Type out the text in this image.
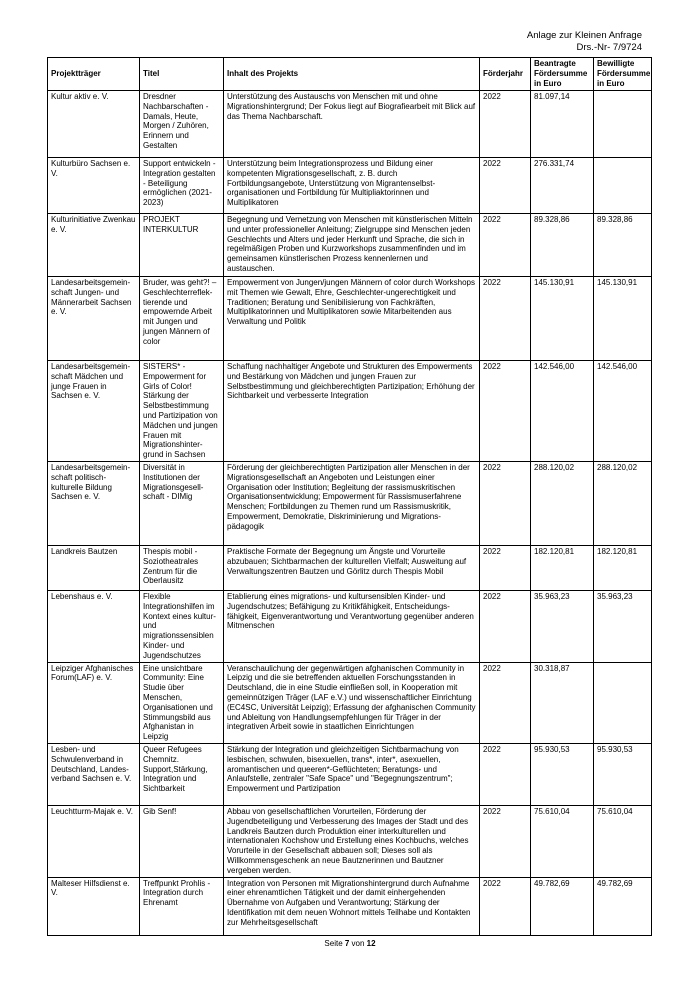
Anlage zur Kleinen Anfrage
Drs.-Nr- 7/9724
Projektträger	Titel	Inhalt des Projekts	Förderjahr	Beantragte Fördersumme in Euro	Bewilligte Fördersumme in Euro
Kultur aktiv e. V.	Dresdner Nachbarschaften - Damals, Heute, Morgen / Zuhören, Erinnern und Gestalten	Unterstützung des Austauschs von Menschen mit und ohne Migrationshintergrund; Der Fokus liegt auf Biografiearbeit mit Blick auf das Thema Nachbarschaft.	2022	81.097,14	
Kulturbüro Sachsen e. V.	Support entwickeln - Integration gestalten - Beteiligung ermöglichen (2021-2023)	Unterstützung beim Integrationsprozess und Bildung einer kompetenten Migrationsgesellschaft, z. B. durch Fortbildungsangebote, Unterstützung von Migrantenselbst-organisationen und Fortbildung für Multipliaktorinnen und Multiplikatoren	2022	276.331,74	
Kulturinitiative Zwenkau e. V.	PROJEKT INTERKULTUR	Begegnung und Vernetzung von Menschen mit künstlerischen Mitteln und unter professioneller Anleitung; Zielgruppe sind Menschen jeden Geschlechts und Alters und jeder Herkunft und Sprache, die sich in regelmäßigen Proben und Kurzworkshops zusammenfinden und im gemeinsamen künstlerischen Prozess kennenlernen und austauschen.	2022	89.328,86	89.328,86
Landesarbeitsgemein-schaft Jungen- und Männerarbeit Sachsen e. V.	Bruder, was geht?! – Geschlechterreflek-tierende und empowernde Arbeit mit Jungen und jungen Männern of color	Empowerment von Jungen/jungen Männern of color durch Workshops mit Themen wie Gewalt, Ehre, Geschlechter-ungerechtigkeit und Traditionen; Beratung und Senibilisierung von Fachkräften, Multiplikatorinnen und Multiplikatoren sowie Mitarbeitenden aus Verwaltung und Politik	2022	145.130,91	145.130,91
Landesarbeitsgemein-schaft Mädchen und junge Frauen in Sachsen e. V.	SISTERS* - Empowerment for Girls of Color! Stärkung der Selbstbestimmung und Partizipation von Mädchen und jungen Frauen mit Migrationshinter-grund in Sachsen	Schaffung nachhaltiger Angebote und Strukturen des Empowerments und Bestärkung von Mädchen und jungen Frauen zur Selbstbestimmung und gleichberechtigten Partizipation; Erhöhung der Sichtbarkeit und verbesserte Integration	2022	142.546,00	142.546,00
Landesarbeitsgemein-schaft politisch-kulturelle Bildung Sachsen e. V.	Diversität in Institutionen der Migrationsgesell-schaft - DIMig	Förderung der gleichberechtigten Partizipation aller Menschen in der Migrationsgesellschaft an Angeboten und Leistungen einer Organisation oder Institution; Begleitung der rassismuskritischen Organisationsentwicklung; Empowerment für Rassismuserfahrene Menschen; Fortbildungen zu Themen rund um Rassismuskritik, Empowerment, Demokratie, Diskriminierung und Migrations-pädagogik	2022	288.120,02	288.120,02
Landkreis Bautzen	Thespis mobil - Soziotheatrales Zentrum für die Oberlausitz	Praktische Formate der Begegnung um Ängste und Vorurteile abzubauen; Sichtbarmachen der kulturellen Vielfalt; Ausweitung auf Verwaltungszentren Bautzen und Görlitz durch Thespis Mobil	2022	182.120,81	182.120,81
Lebenshaus e. V.	Flexible Integrationshilfen im Kontext eines kultur- und migrationssensiblen Kinder- und Jugendschutzes	Etablierung eines migrations- und kultursensiblen Kinder- und Jugendschutzes; Befähigung zu Kritikfähigkeit, Entscheidungs-fähigkeit, Eigenverantwortung und Verantwortung gegenüber anderen Mitmenschen	2022	35.963,23	35.963,23
Leipziger Afghanisches Forum(LAF) e. V.	Eine unsichtbare Community: Eine Studie über Menschen, Organisationen und Stimmungsbild aus Afghanistan in Leipzig	Veranschaulichung der gegenwärtigen afghanischen Community in Leipzig und die sie betreffenden aktuellen Forschungsstanden in Deutschland, die in eine Studie einfließen soll, in Kooperation mit gemeinnützigen Träger (LAF e.V.) und wissenschaftlicher Einrichtung (EC4SC, Universität Leipzig); Erfassung der afghanischen Community und Ableitung von Handlungsempfehlungen für Träger in der integrativen Arbeit sowie in staatlichen Einrichtungen	2022	30.318,87	
Lesben- und Schwulenverband in Deutschland, Landes-verband Sachsen e. V.	Queer Refugees Chemnitz. Support,Stärkung, Integration und Sichtbarkeit	Stärkung der Integration und gleichzeitigen Sichtbarmachung von lesbischen, schwulen, bisexuellen, trans*, inter*, asexuellen, aromantischen und queeren*-Geflüchteten; Beratungs- und Anlaufstelle, zentraler "Safe Space" und "Begegnungszentrum"; Empowerment und Partizipation	2022	95.930,53	95.930,53
Leuchtturm-Majak e. V.	Gib Senf!	Abbau von gesellschaftlichen Vorurteilen, Förderung der Jugendbeteiligung und Verbesserung des Images der Stadt und des Landkreis Bautzen durch Produktion einer interkulturellen und internationalen Kochshow und Erstellung eines Kochbuchs, welches Vorurteile in der Gesellschaft abbauen soll; Dieses soll als Willkommensgeschenk an neue Bautznerinnen und Bautzner vergeben werden.	2022	75.610,04	75.610,04
Malteser Hilfsdienst e. V.	Treffpunkt Prohlis - Integration durch Ehrenamt	Integration von Personen mit Migrationshintergrund durch Aufnahme einer ehrenamtlichen Tätigkeit und der damit einhergehenden Übernahme von Aufgaben und Verantwortung; Stärkung der Identifikation mit dem neuen Wohnort mittels Teilhabe und Kontakten zur Mehrheitsgesellschaft	2022	49.782,69	49.782,69
Seite 7 von 12
